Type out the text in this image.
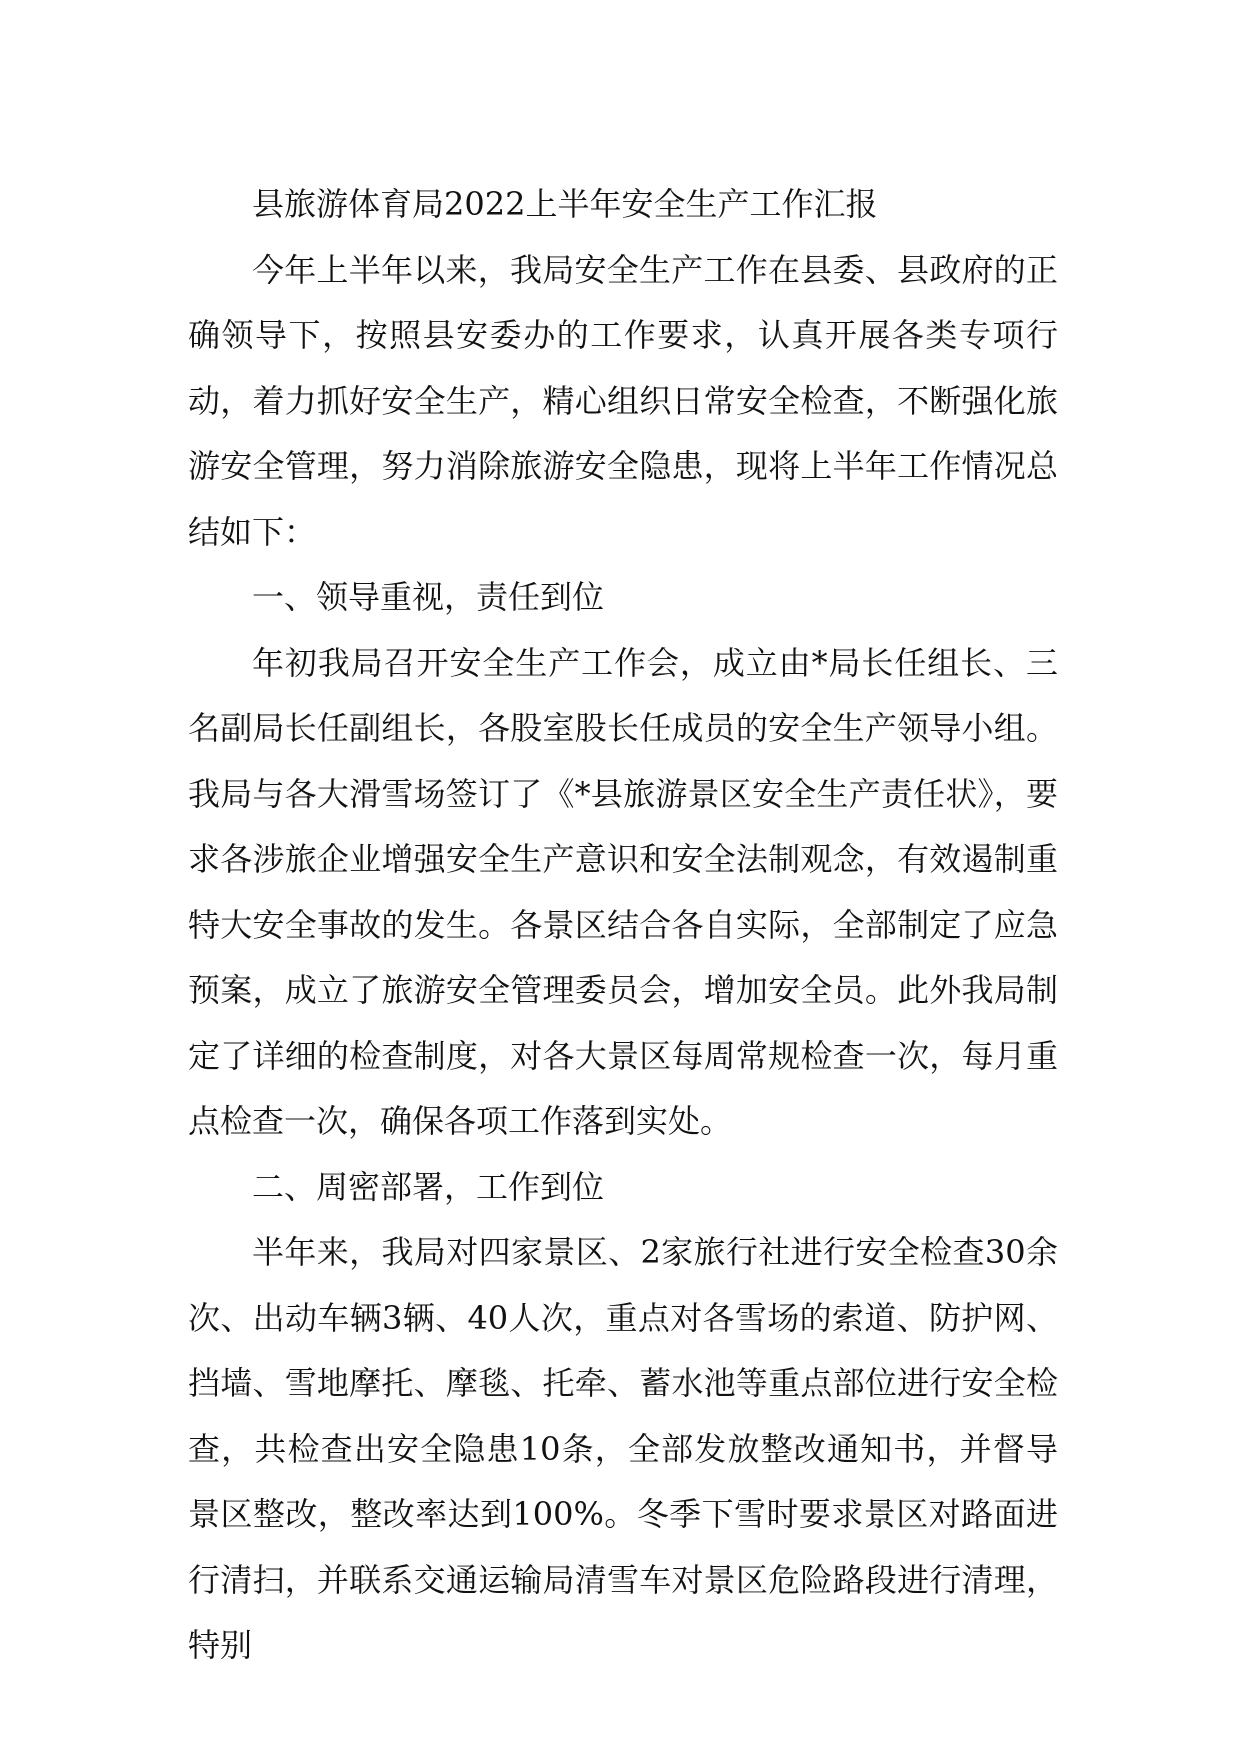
县旅游体育局2022上半年安全生产工作汇报

今年上半年以来，我局安全生产工作在县委、县政府的正确领导下，按照县安委办的工作要求，认真开展各类专项行动，着力抓好安全生产，精心组织日常安全检查，不断强化旅游安全管理，努力消除旅游安全隐患，现将上半年工作情况总结如下：

一、领导重视，责任到位

年初我局召开安全生产工作会，成立由*局长任组长、三名副局长任副组长，各股室股长任成员的安全生产领导小组。我局与各大滑雪场签订了《*县旅游景区安全生产责任状》，要求各涉旅企业增强安全生产意识和安全法制观念，有效遏制重特大安全事故的发生。各景区结合各自实际，全部制定了应急预案，成立了旅游安全管理委员会，增加安全员。此外我局制定了详细的检查制度，对各大景区每周常规检查一次，每月重点检查一次，确保各项工作落到实处。

二、周密部署，工作到位

半年来，我局对四家景区、2家旅行社进行安全检查30余次、出动车辆3辆、40人次，重点对各雪场的索道、防护网、挡墙、雪地摩托、摩毯、托牵、蓄水池等重点部位进行安全检查，共检查出安全隐患10条，全部发放整改通知书，并督导景区整改，整改率达到100%。冬季下雪时要求景区对路面进行清扫，并联系交通运输局清雪车对景区危险路段进行清理，特别
